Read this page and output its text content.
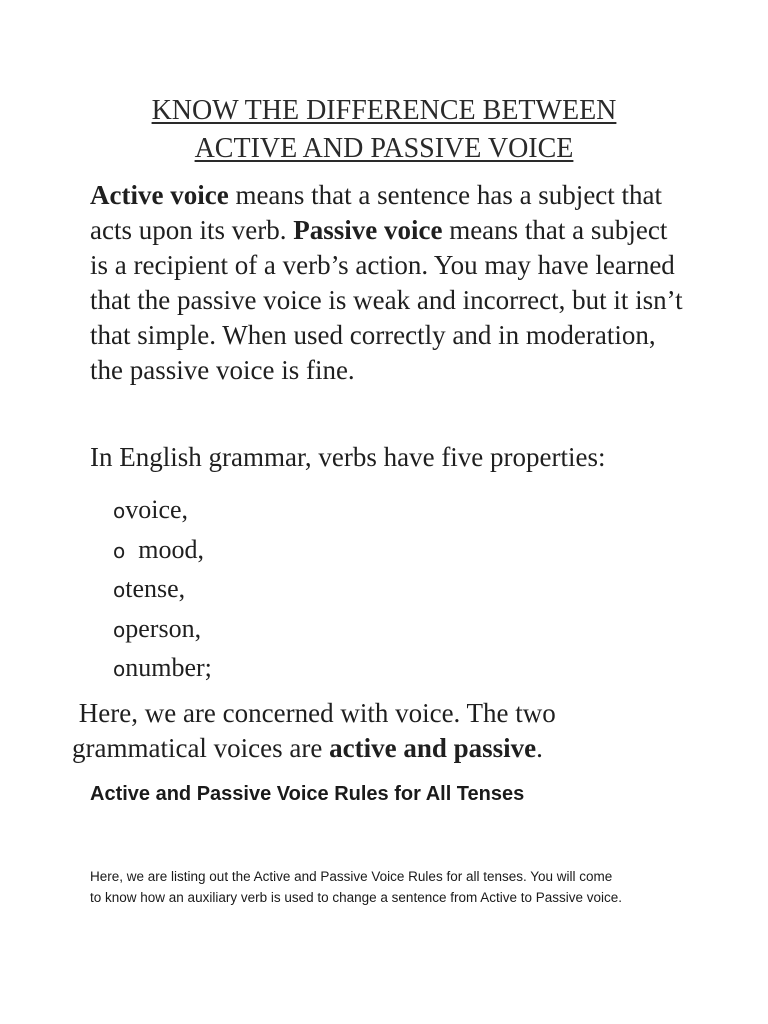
KNOW THE DIFFERENCE BETWEEN
ACTIVE AND PASSIVE VOICE

Active voice means that a sentence has a subject that acts upon its verb. Passive voice means that a subject is a recipient of a verb’s action. You may have learned that the passive voice is weak and incorrect, but it isn’t that simple. When used correctly and in moderation, the passive voice is fine.

In English grammar, verbs have five properties:

ovoice,
o  mood,
otense,
operson,
onumber;

Here, we are concerned with voice. The two
grammatical voices are active and passive.

Active and Passive Voice Rules for All Tenses

Here, we are listing out the Active and Passive Voice Rules for all tenses. You will come
to know how an auxiliary verb is used to change a sentence from Active to Passive voice.
